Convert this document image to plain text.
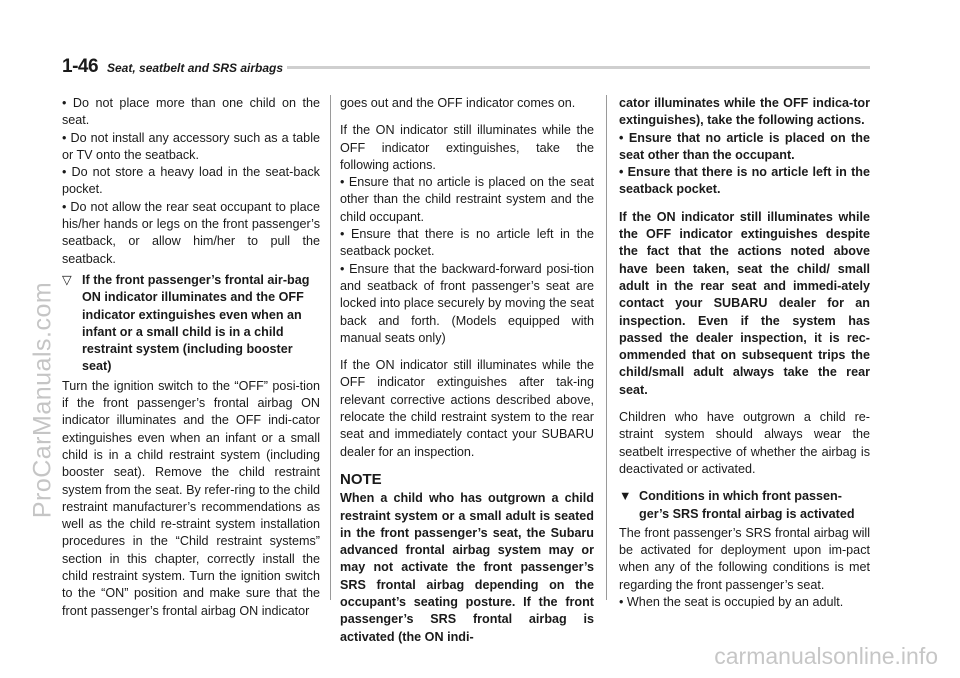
1-46 Seat, seatbelt and SRS airbags

• Do not place more than one child on the seat.

• Do not install any accessory such as a table or TV onto the seatback.

• Do not store a heavy load in the seat-back pocket.

• Do not allow the rear seat occupant to place his/her hands or legs on the front passenger’s seatback, or allow him/her to pull the seatback.

▽ If the front passenger’s frontal air-bag ON indicator illuminates and the OFF indicator extinguishes even when an infant or a small child is in a child restraint system (including booster seat)

Turn the ignition switch to the “OFF” posi-tion if the front passenger’s frontal airbag ON indicator illuminates and the OFF indi-cator extinguishes even when an infant or a small child is in a child restraint system (including booster seat). Remove the child restraint system from the seat. By refer-ring to the child restraint manufacturer’s recommendations as well as the child re-straint system installation procedures in the “Child restraint systems” section in this chapter, correctly install the child restraint system. Turn the ignition switch to the “ON” position and make sure that the front passenger’s frontal airbag ON indicator

goes out and the OFF indicator comes on.

If the ON indicator still illuminates while the OFF indicator extinguishes, take the following actions.

• Ensure that no article is placed on the seat other than the child restraint system and the child occupant.

• Ensure that there is no article left in the seatback pocket.

• Ensure that the backward-forward posi-tion and seatback of front passenger’s seat are locked into place securely by moving the seat back and forth. (Models equipped with manual seats only)

If the ON indicator still illuminates while the OFF indicator extinguishes after tak-ing relevant corrective actions described above, relocate the child restraint system to the rear seat and immediately contact your SUBARU dealer for an inspection.

NOTE

When a child who has outgrown a child restraint system or a small adult is seated in the front passenger’s seat, the Subaru advanced frontal airbag system may or may not activate the front passenger’s SRS frontal airbag depending on the occupant’s seating posture. If the front passenger’s SRS frontal airbag is activated (the ON indi-

cator illuminates while the OFF indica-tor extinguishes), take the following actions.

• Ensure that no article is placed on the seat other than the occupant.

• Ensure that there is no article left in the seatback pocket.

If the ON indicator still illuminates while the OFF indicator extinguishes despite the fact that the actions noted above have been taken, seat the child/ small adult in the rear seat and immedi-ately contact your SUBARU dealer for an inspection. Even if the system has passed the dealer inspection, it is rec-ommended that on subsequent trips the child/small adult always take the rear seat.

Children who have outgrown a child re-straint system should always wear the seatbelt irrespective of whether the airbag is deactivated or activated.

▼ Conditions in which front passen-ger’s SRS frontal airbag is activated

The front passenger’s SRS frontal airbag will be activated for deployment upon im-pact when any of the following conditions is met regarding the front passenger’s seat.

• When the seat is occupied by an adult.

ProCarManuals.com
carmanualsonline.info
